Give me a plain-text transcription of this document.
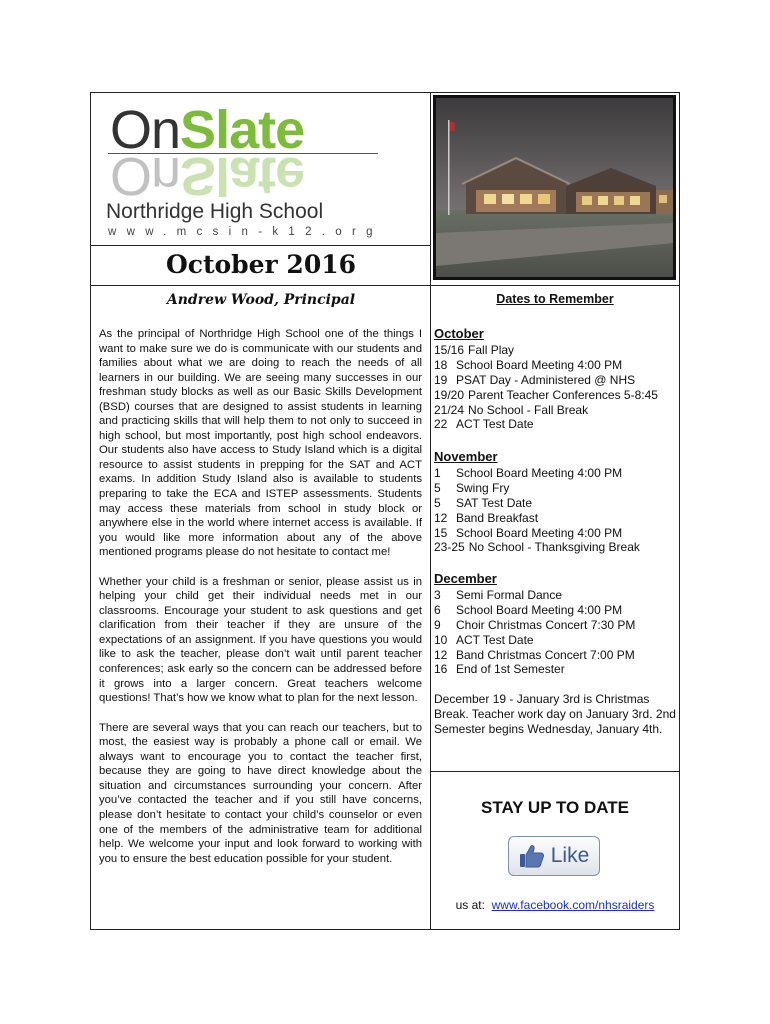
OnSlate
OnSlate
Northridge High School
www.mcsin-k12.org
October 2016
Andrew Wood, Principal

As the principal of Northridge High School one of the things I want to make sure we do is communicate with our students and families about what we are doing to reach the needs of all learners in our building. We are seeing many successes in our freshman study blocks as well as our Basic Skills Development (BSD) courses that are designed to assist students in learning and practicing skills that will help them to not only to succeed in high school, but most importantly, post high school endeavors. Our students also have access to Study Island which is a digital resource to assist students in prepping for the SAT and ACT exams. In addition Study Island also is available to students preparing to take the ECA and ISTEP assessments. Students may access these materials from school in study block or anywhere else in the world where internet access is available. If you would like more information about any of the above mentioned programs please do not hesitate to contact me!

Whether your child is a freshman or senior, please assist us in helping your child get their individual needs met in our classrooms. Encourage your student to ask questions and get clarification from their teacher if they are unsure of the expectations of an assignment. If you have questions you would like to ask the teacher, please don’t wait until parent teacher conferences; ask early so the concern can be addressed before it grows into a larger concern. Great teachers welcome questions! That’s how we know what to plan for the next lesson.

There are several ways that you can reach our teachers, but to most, the easiest way is probably a phone call or email. We always want to encourage you to contact the teacher first, because they are going to have direct knowledge about the situation and circumstances surrounding your concern. After you’ve contacted the teacher and if you still have concerns, please don’t hesitate to contact your child’s counselor or even one of the members of the administrative team for additional help. We welcome your input and look forward to working with you to ensure the best education possible for your student.

Dates to Remember
October
15/16 Fall Play
18 School Board Meeting 4:00 PM
19 PSAT Day - Administered @ NHS
19/20 Parent Teacher Conferences 5-8:45
21/24 No School - Fall Break
22 ACT Test Date
November
1 School Board Meeting 4:00 PM
5 Swing Fry
5 SAT Test Date
12 Band Breakfast
15 School Board Meeting 4:00 PM
23-25 No School - Thanksgiving Break
December
3 Semi Formal Dance
6 School Board Meeting 4:00 PM
9 Choir Christmas Concert 7:30 PM
10 ACT Test Date
12 Band Christmas Concert 7:00 PM
16 End of 1st Semester
December 19 - January 3rd is Christmas Break. Teacher work day on January 3rd. 2nd Semester begins Wednesday, January 4th.
STAY UP TO DATE
Like
us at: www.facebook.com/nhsraiders
